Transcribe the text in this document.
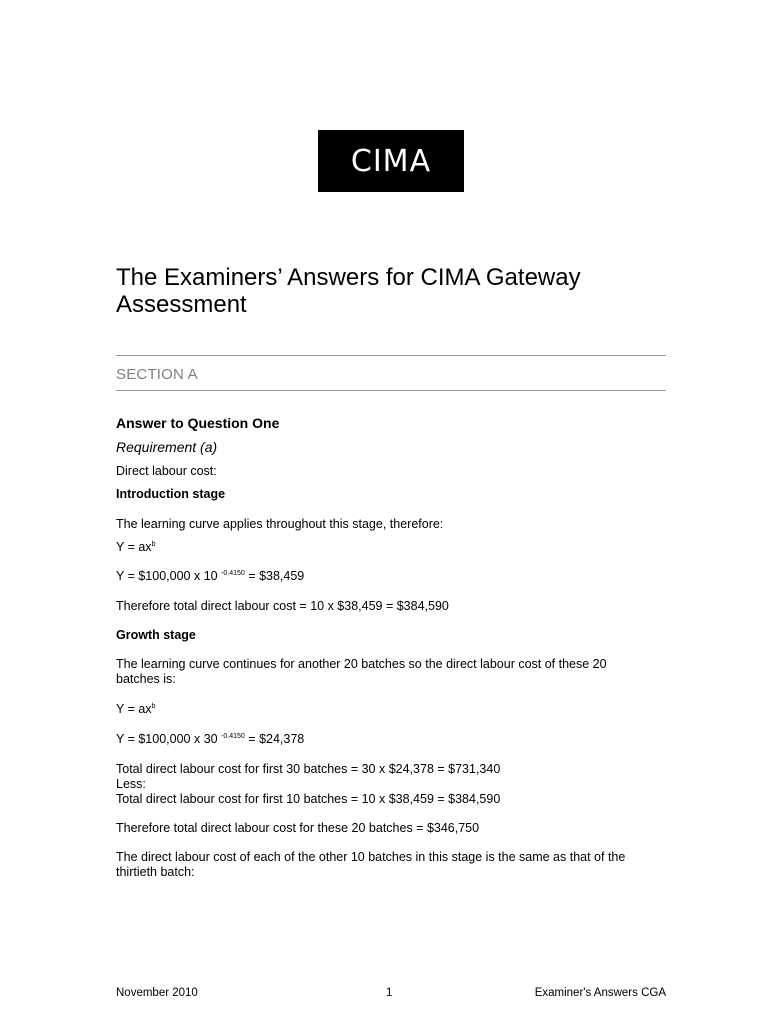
CIMA
The Examiners’ Answers for CIMA Gateway Assessment
SECTION A
Answer to Question One
Requirement (a)
Direct labour cost:
Introduction stage
The learning curve applies throughout this stage, therefore:
$Y = ax^b$
Y = $100,000 x 10 $^{-0.4150}$ = $38,459
Therefore total direct labour cost = 10 x $38,459 = $384,590
Growth stage
The learning curve continues for another 20 batches so the direct labour cost of these 20
batches is:
$Y = ax^b$
Y = $100,000 x 30 $^{-0.4150}$ = $24,378
Total direct labour cost for first 30 batches = 30 x $24,378 = $731,340
Less:
Total direct labour cost for first 10 batches = 10 x $38,459 = $384,590
Therefore total direct labour cost for these 20 batches = $346,750
The direct labour cost of each of the other 10 batches in this stage is the same as that of the
thirtieth batch:
November 2010	1	Examiner's Answers CGA
